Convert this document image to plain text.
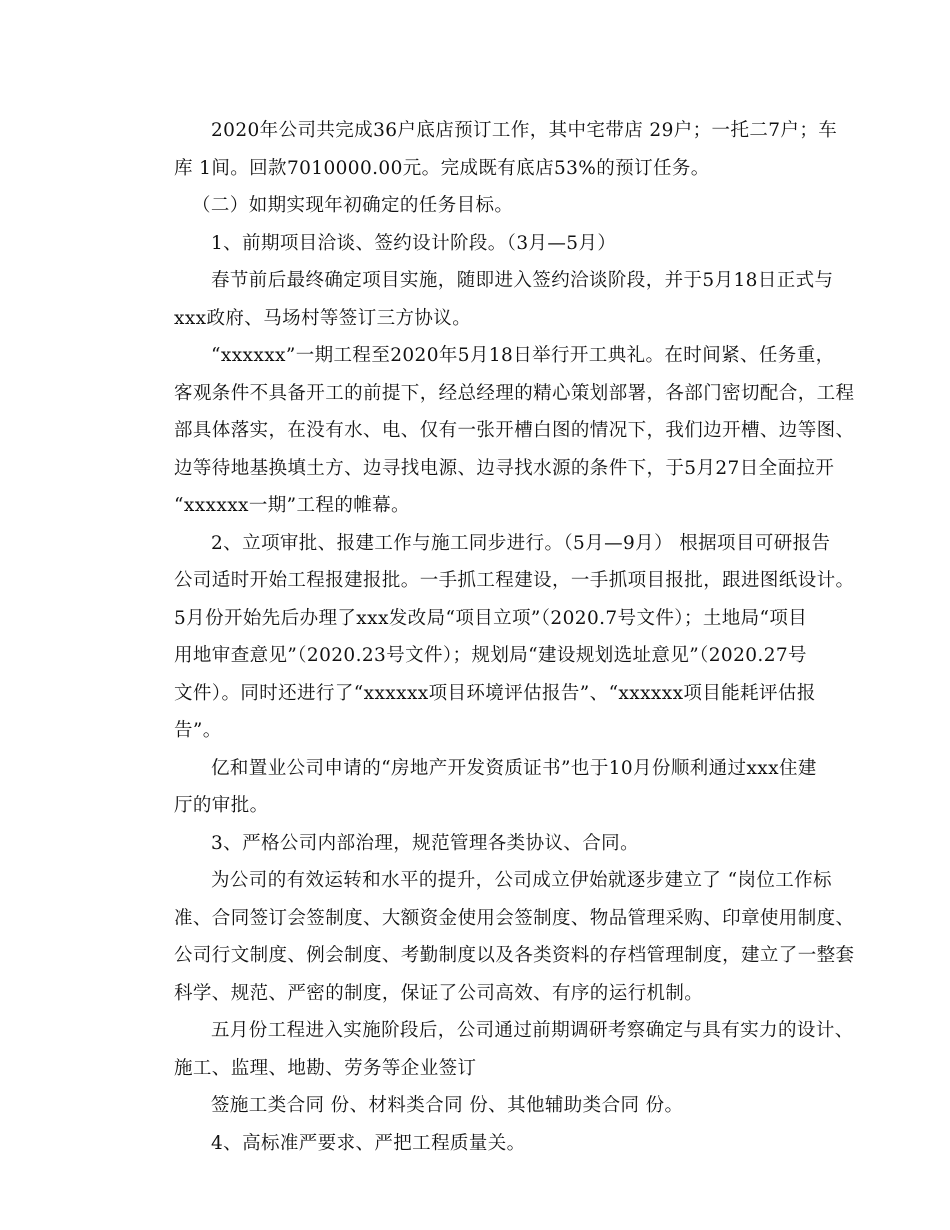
2020年公司共完成36户底店预订工作，其中宅带店 29户；一托二7户；车
库 1间。回款7010000.00元。完成既有底店53%的预订任务。
（二）如期实现年初确定的任务目标。
1、前期项目洽谈、签约设计阶段。（3月—5月）
春节前后最终确定项目实施，随即进入签约洽谈阶段，并于5月18日正式与
xxx政府、马场村等签订三方协议。
“xxxxxx”一期工程至2020年5月18日举行开工典礼。在时间紧、任务重，
客观条件不具备开工的前提下，经总经理的精心策划部署，各部门密切配合，工程
部具体落实，在没有水、电、仅有一张开槽白图的情况下，我们边开槽、边等图、
边等待地基换填土方、边寻找电源、边寻找水源的条件下，于5月27日全面拉开
“xxxxxx一期”工程的帷幕。
2、立项审批、报建工作与施工同步进行。（5月—9月） 根据项目可研报告
公司适时开始工程报建报批。一手抓工程建设，一手抓项目报批，跟进图纸设计。
5月份开始先后办理了xxx发改局“项目立项”（2020.7号文件）；土地局“项目
用地审查意见”（2020.23号文件）；规划局“建设规划选址意见”（2020.27号
文件）。同时还进行了“xxxxxx项目环境评估报告”、“xxxxxx项目能耗评估报
告”。
亿和置业公司申请的“房地产开发资质证书”也于10月份顺利通过xxx住建
厅的审批。
3、严格公司内部治理，规范管理各类协议、合同。
为公司的有效运转和水平的提升，公司成立伊始就逐步建立了 “岗位工作标
准、合同签订会签制度、大额资金使用会签制度、物品管理采购、印章使用制度、
公司行文制度、例会制度、考勤制度以及各类资料的存档管理制度，建立了一整套
科学、规范、严密的制度，保证了公司高效、有序的运行机制。
五月份工程进入实施阶段后，公司通过前期调研考察确定与具有实力的设计、
施工、监理、地勘、劳务等企业签订
签施工类合同 份、材料类合同 份、其他辅助类合同 份。
4、高标准严要求、严把工程质量关。
